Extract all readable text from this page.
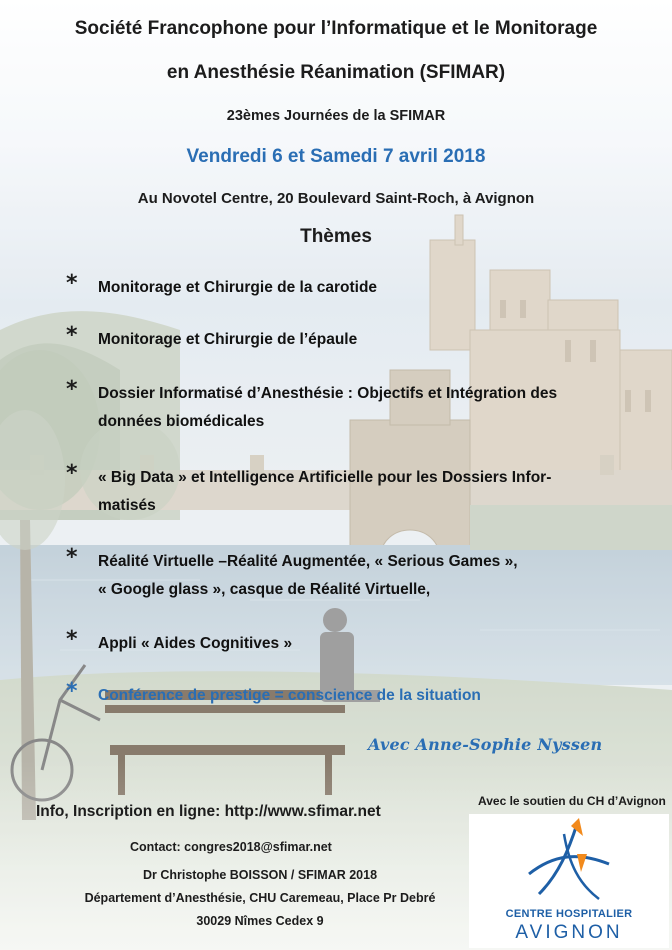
Société Francophone pour l’Informatique et le Monitorage
en Anesthésie Réanimation (SFIMAR)
23èmes Journées de la SFIMAR
Vendredi 6 et Samedi 7 avril 2018
Au Novotel Centre, 20 Boulevard Saint-Roch, à Avignon
Thèmes
* Monitorage et Chirurgie de la carotide
* Monitorage et Chirurgie de l’épaule
* Dossier Informatisé d’Anesthésie : Objectifs et Intégration des
données biomédicales
* « Big Data » et Intelligence Artificielle pour les Dossiers Infor-
matisés
* Réalité Virtuelle –Réalité Augmentée, « Serious Games »,
« Google glass », casque de Réalité Virtuelle,
* Appli « Aides Cognitives »
* Conférence de prestige = conscience de la situation
Avec Anne-Sophie Nyssen
Info, Inscription en ligne: http://www.sfimar.net
Avec le soutien du CH d’Avignon
Contact: congres2018@sfimar.net
Dr Christophe BOISSON / SFIMAR 2018
Département d’Anesthésie, CHU Caremeau, Place Pr Debré
30029 Nîmes Cedex 9	CENTRE HOSPITALIER
AVIGNON
